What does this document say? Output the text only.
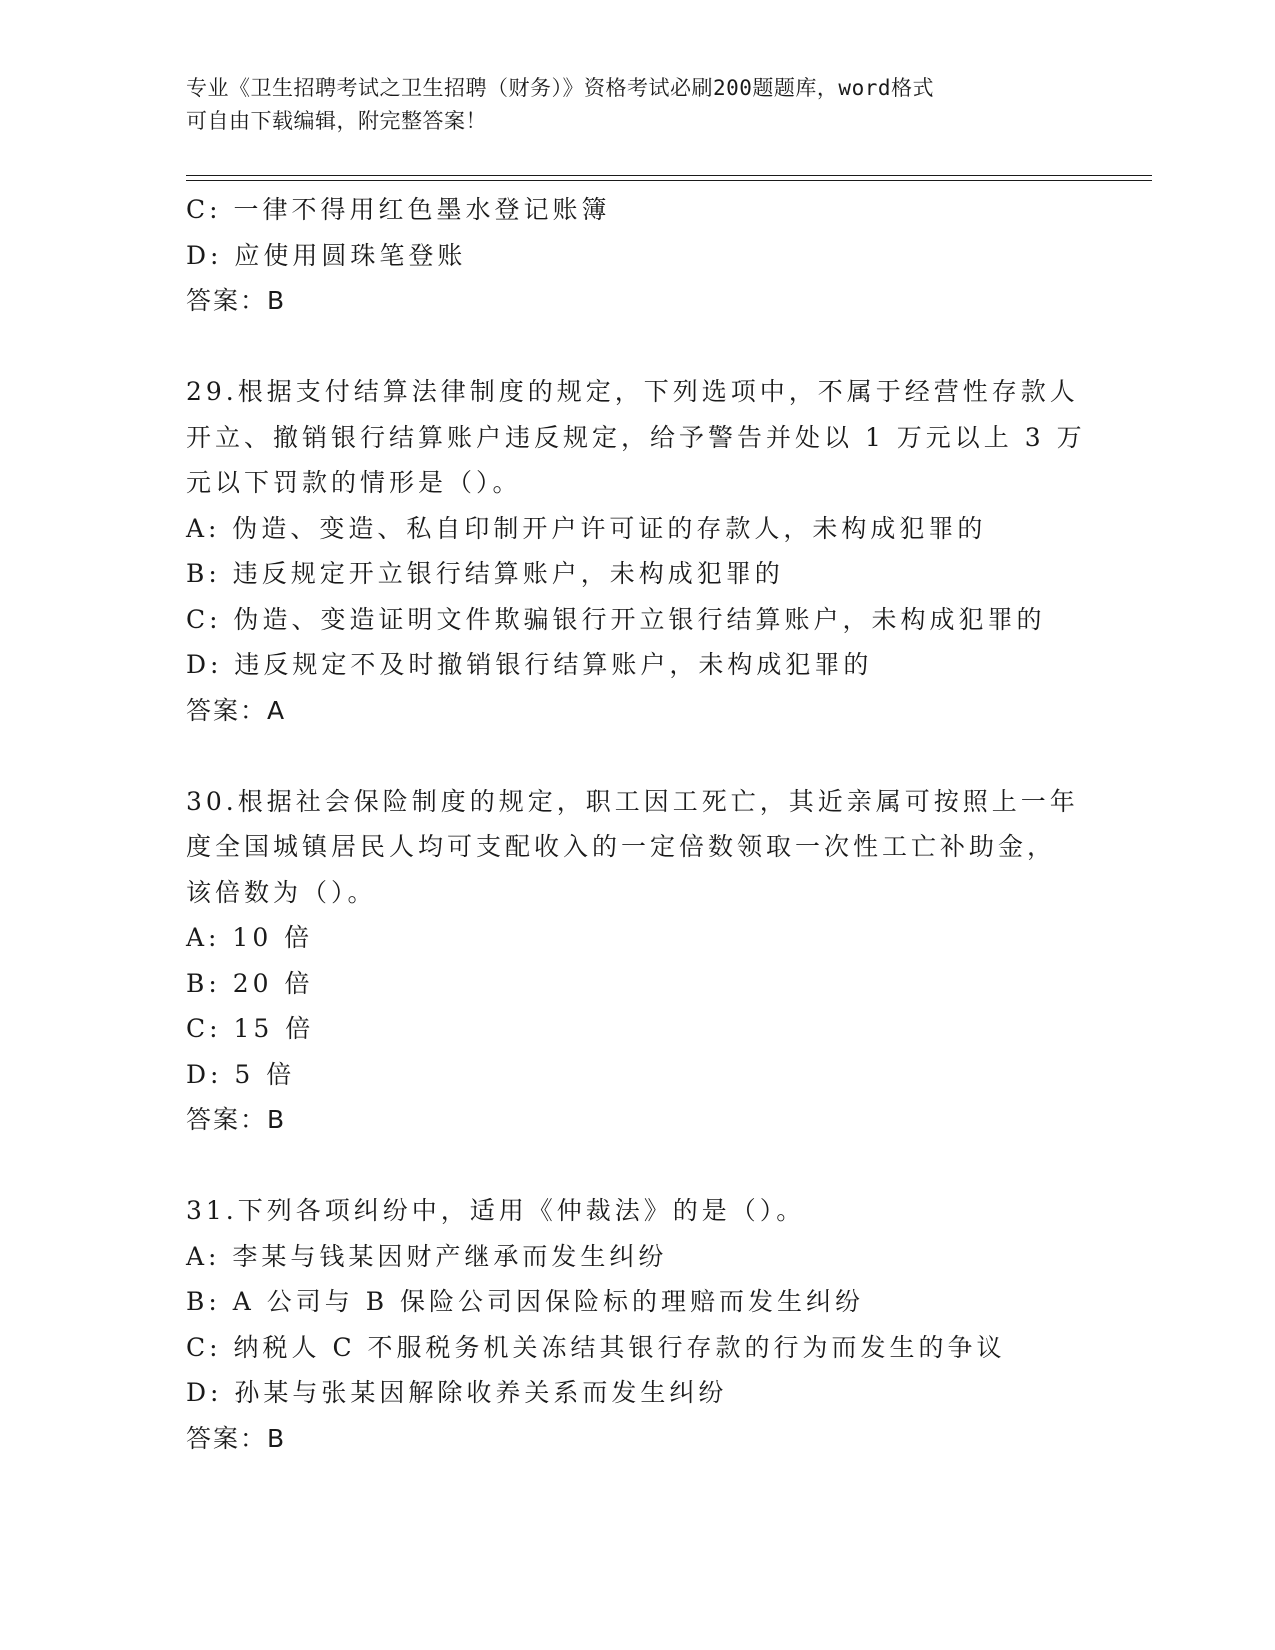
专业《卫生招聘考试之卫生招聘（财务）》资格考试必刷200题题库，word格式
可自由下载编辑，附完整答案！
C: 一律不得用红色墨水登记账簿
D: 应使用圆珠笔登账
答案：B
29.根据支付结算法律制度的规定，下列选项中，不属于经营性存款人
开立、撤销银行结算账户违反规定，给予警告并处以 1 万元以上 3 万
元以下罚款的情形是（）。
A: 伪造、变造、私自印制开户许可证的存款人，未构成犯罪的
B: 违反规定开立银行结算账户，未构成犯罪的
C: 伪造、变造证明文件欺骗银行开立银行结算账户，未构成犯罪的
D: 违反规定不及时撤销银行结算账户，未构成犯罪的
答案：A
30.根据社会保险制度的规定，职工因工死亡，其近亲属可按照上一年
度全国城镇居民人均可支配收入的一定倍数领取一次性工亡补助金，
该倍数为（）。
A: 10 倍
B: 20 倍
C: 15 倍
D: 5 倍
答案：B
31.下列各项纠纷中，适用《仲裁法》的是（）。
A: 李某与钱某因财产继承而发生纠纷
B: A 公司与 B 保险公司因保险标的理赔而发生纠纷
C: 纳税人 C 不服税务机关冻结其银行存款的行为而发生的争议
D: 孙某与张某因解除收养关系而发生纠纷
答案：B
